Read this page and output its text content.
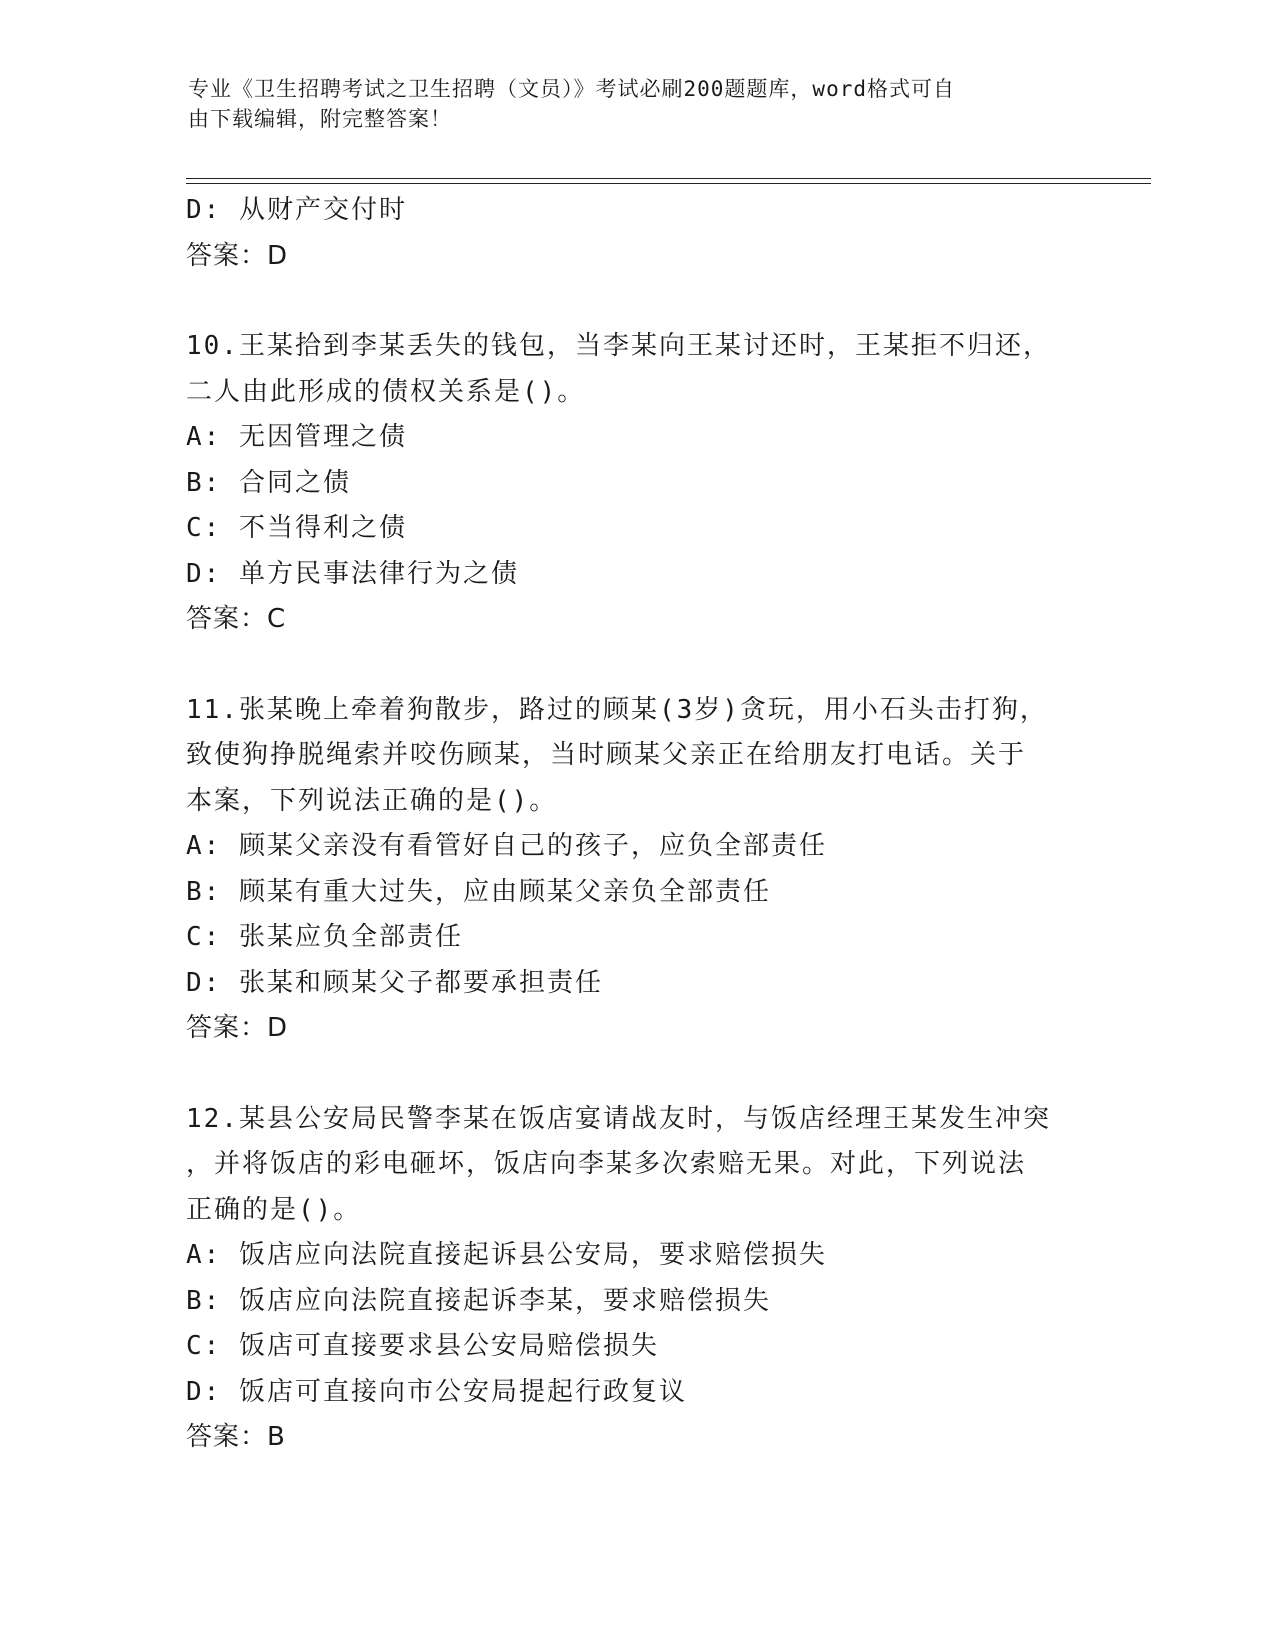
专业《卫生招聘考试之卫生招聘（文员）》考试必刷200题题库，word格式可自
由下载编辑，附完整答案！
D: 从财产交付时
答案：D
10.王某拾到李某丢失的钱包，当李某向王某讨还时，王某拒不归还，
二人由此形成的债权关系是()。
A: 无因管理之债
B: 合同之债
C: 不当得利之债
D: 单方民事法律行为之债
答案：C
11.张某晚上牵着狗散步，路过的顾某(3岁)贪玩，用小石头击打狗，
致使狗挣脱绳索并咬伤顾某，当时顾某父亲正在给朋友打电话。关于
本案，下列说法正确的是()。
A: 顾某父亲没有看管好自己的孩子，应负全部责任
B: 顾某有重大过失，应由顾某父亲负全部责任
C: 张某应负全部责任
D: 张某和顾某父子都要承担责任
答案：D
12.某县公安局民警李某在饭店宴请战友时，与饭店经理王某发生冲突
，并将饭店的彩电砸坏，饭店向李某多次索赔无果。对此，下列说法
正确的是()。
A: 饭店应向法院直接起诉县公安局，要求赔偿损失
B: 饭店应向法院直接起诉李某，要求赔偿损失
C: 饭店可直接要求县公安局赔偿损失
D: 饭店可直接向市公安局提起行政复议
答案：B
